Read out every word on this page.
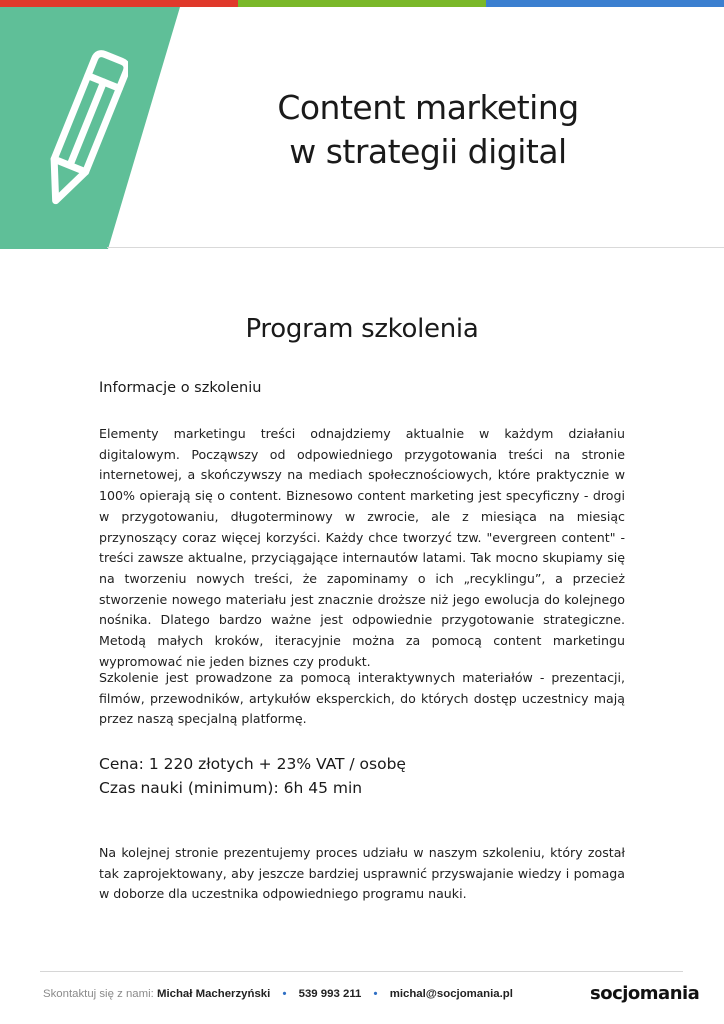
Content marketing
w strategii digital
Program szkolenia
Informacje o szkoleniu

Elementy marketingu treści odnajdziemy aktualnie w każdym działaniu digitalowym. Począwszy od odpowiedniego przygotowania treści na stronie internetowej, a skończywszy na mediach społecznościowych, które praktycznie w 100% opierają się o content. Biznesowo content marketing jest specyficzny - drogi w przygotowaniu, długoterminowy w zwrocie, ale z miesiąca na miesiąc przynoszący coraz więcej korzyści. Każdy chce tworzyć tzw. "evergreen content" - treści zawsze aktualne, przyciągające internautów latami. Tak mocno skupiamy się na tworzeniu nowych treści, że zapominamy o ich „recyklingu”, a przecież stworzenie nowego materiału jest znacznie droższe niż jego ewolucja do kolejnego nośnika. Dlatego bardzo ważne jest odpowiednie przygotowanie strategiczne. Metodą małych kroków, iteracyjnie można za pomocą content marketingu wypromować nie jeden biznes czy produkt.

Szkolenie jest prowadzone za pomocą interaktywnych materiałów - prezentacji, filmów, przewodników, artykułów eksperckich, do których dostęp uczestnicy mają przez naszą specjalną platformę.

Cena: 1 220 złotych + 23% VAT / osobę
Czas nauki (minimum): 6h 45 min

Na kolejnej stronie prezentujemy proces udziału w naszym szkoleniu, który został tak zaprojektowany, aby jeszcze bardziej usprawnić przyswajanie wiedzy i pomaga w doborze dla uczestnika odpowiedniego programu nauki.

Skontaktuj się z nami: Michał Macherzyński • 539 993 211 • michal@socjomania.pl	socjomania
